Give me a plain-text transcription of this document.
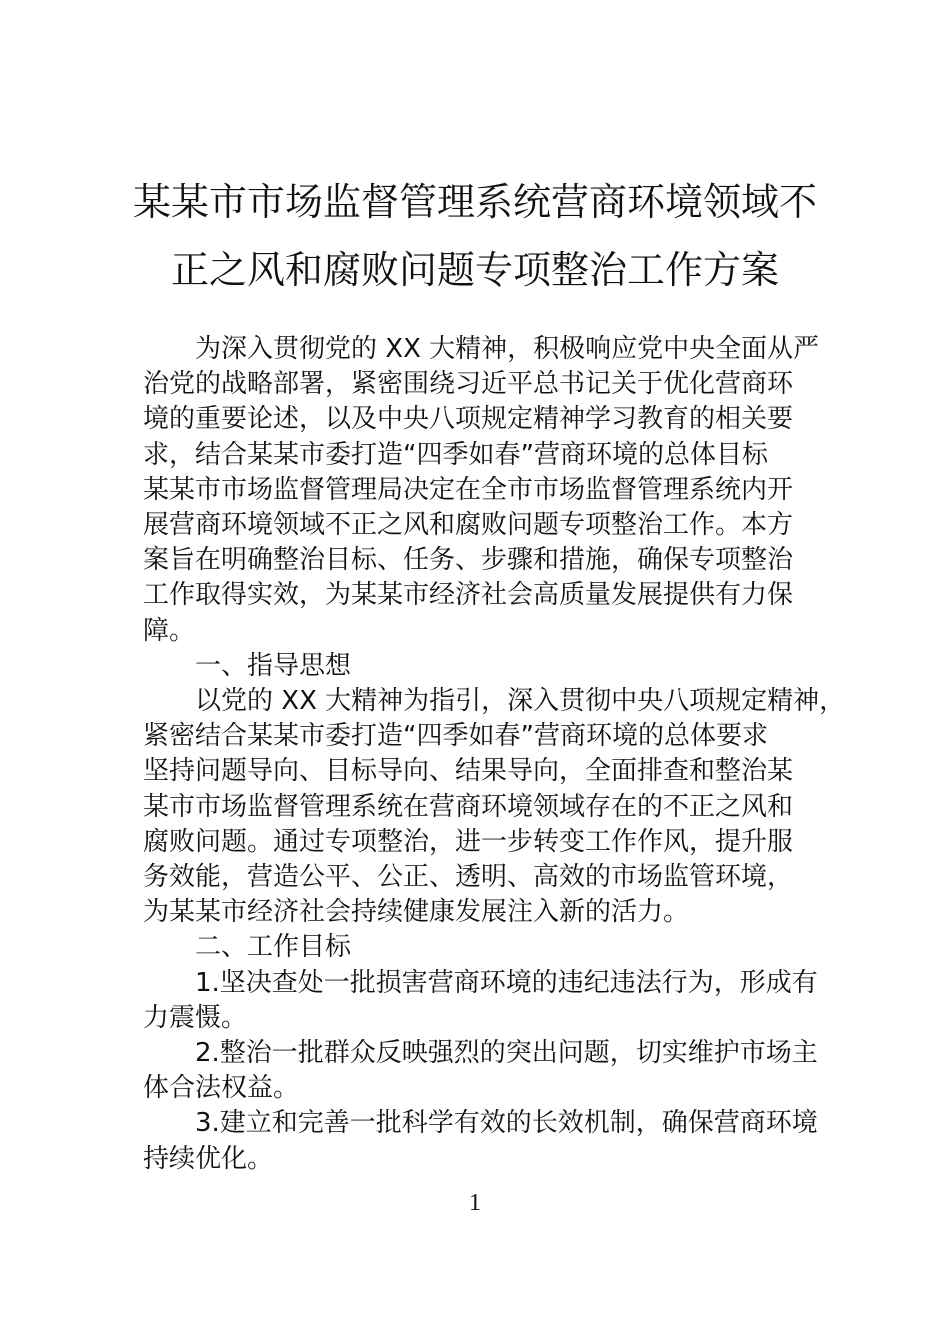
某某市市场监督管理系统营商环境领域不
正之风和腐败问题专项整治工作方案

为深入贯彻党的 XX 大精神，积极响应党中央全面从严
治党的战略部署，紧密围绕习近平总书记关于优化营商环
境的重要论述，以及中央八项规定精神学习教育的相关要
求，结合某某市委打造“四季如春”营商环境的总体目标
某某市市场监督管理局决定在全市市场监督管理系统内开
展营商环境领域不正之风和腐败问题专项整治工作。本方
案旨在明确整治目标、任务、步骤和措施，确保专项整治
工作取得实效，为某某市经济社会高质量发展提供有力保
障。

一、指导思想

以党的 XX 大精神为指引，深入贯彻中央八项规定精神，
紧密结合某某市委打造“四季如春”营商环境的总体要求
坚持问题导向、目标导向、结果导向，全面排查和整治某
某市市场监督管理系统在营商环境领域存在的不正之风和
腐败问题。通过专项整治，进一步转变工作作风，提升服
务效能，营造公平、公正、透明、高效的市场监管环境，
为某某市经济社会持续健康发展注入新的活力。

二、工作目标

1.坚决查处一批损害营商环境的违纪违法行为，形成有
力震慑。

2.整治一批群众反映强烈的突出问题，切实维护市场主
体合法权益。

3.建立和完善一批科学有效的长效机制，确保营商环境
持续优化。

1
